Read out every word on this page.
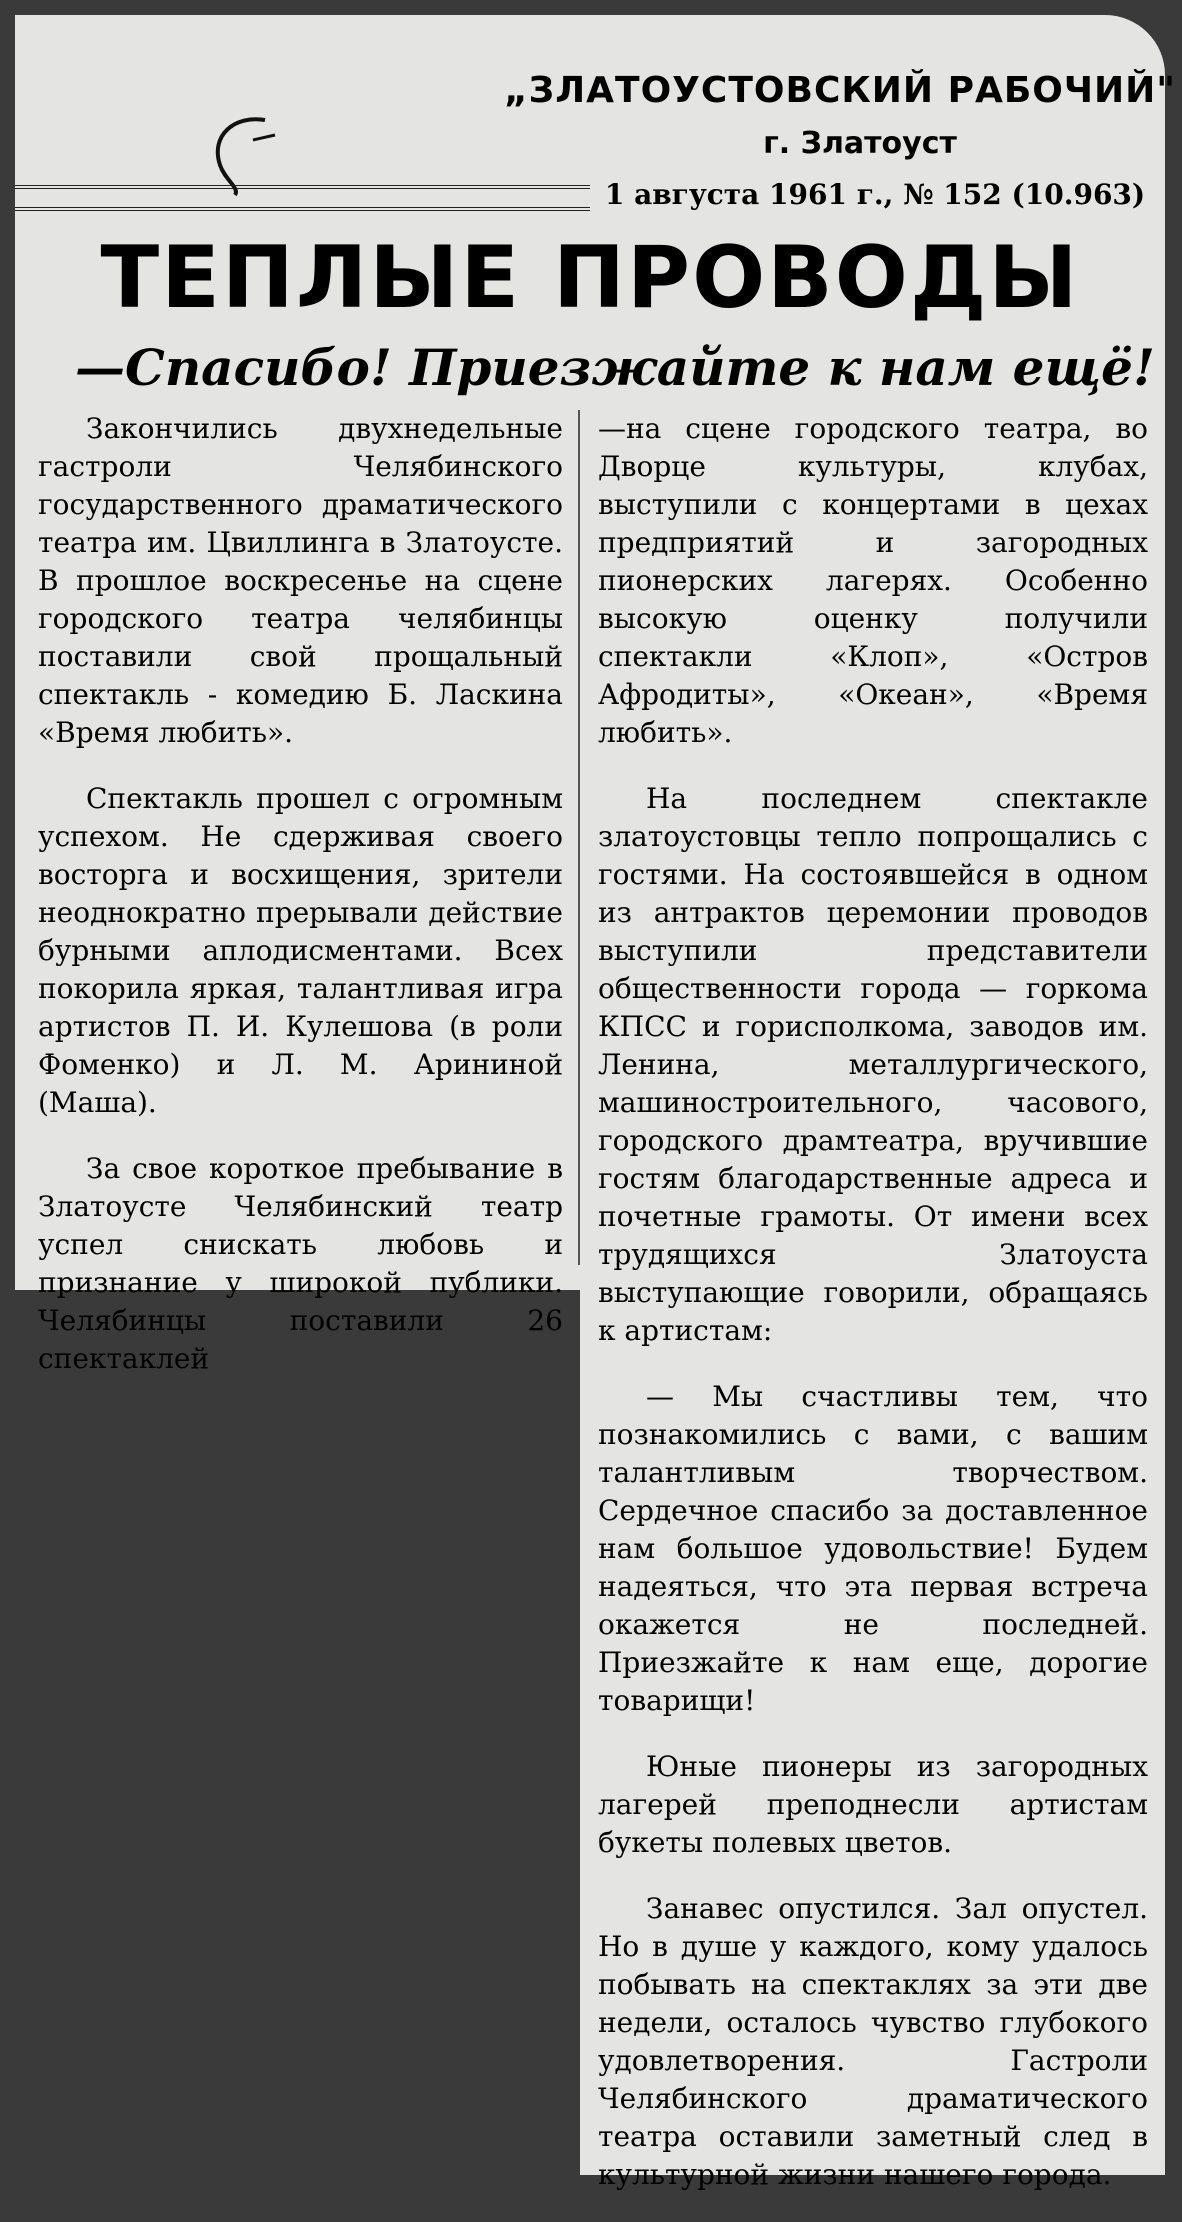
„ЗЛАТОУСТОВСКИЙ РАБОЧИЙ"
г. Златоуст
1 августа 1961 г., № 152 (10.963)
ТЕПЛЫЕ ПРОВОДЫ
—Спасибо! Приезжайте к нам ещё!

Закончились двухнедельные гастроли Челябинского государственного драматического театра им. Цвиллинга в Златоусте. В прошлое воскресенье на сцене городского театра челябинцы поставили свой прощальный спектакль - комедию Б. Ласкина «Время любить».

Спектакль прошел с огромным успехом. Не сдерживая своего восторга и восхищения, зрители неоднократно прерывали действие бурными аплодисментами. Всех покорила яркая, талантливая игра артистов П. И. Кулешова (в роли Фоменко) и Л. М. Арининой (Маша).

За свое короткое пребывание в Златоусте Челябинский театр успел снискать любовь и признание у широкой публики. Челябинцы поставили 26 спектаклей

—на сцене городского театра, во Дворце культуры, клубах, выступили с концертами в цехах предприятий и загородных пионерских лагерях. Особенно высокую оценку получили спектакли «Клоп», «Остров Афродиты», «Океан», «Время любить».

На последнем спектакле златоустовцы тепло попрощались с гостями. На состоявшейся в одном из антрактов церемонии проводов выступили представители общественности города — горкома КПСС и горисполкома, заводов им. Ленина, металлургического, машиностроительного, часового, городского драмтеатра, вручившие гостям благодарственные адреса и почетные грамоты. От имени всех трудящихся Златоуста выступающие говорили, обращаясь к артистам:

— Мы счастливы тем, что познакомились с вами, с вашим талантливым творчеством. Сердечное спасибо за доставленное нам большое удовольствие! Будем надеяться, что эта первая встреча окажется не последней. Приезжайте к нам еще, дорогие товарищи!

Юные пионеры из загородных лагерей преподнесли артистам букеты полевых цветов.

Занавес опустился. Зал опустел. Но в душе у каждого, кому удалось побывать на спектаклях за эти две недели, осталось чувство глубокого удовлетворения. Гастроли Челябинского драматического театра оставили заметный след в культурной жизни нашего города.
